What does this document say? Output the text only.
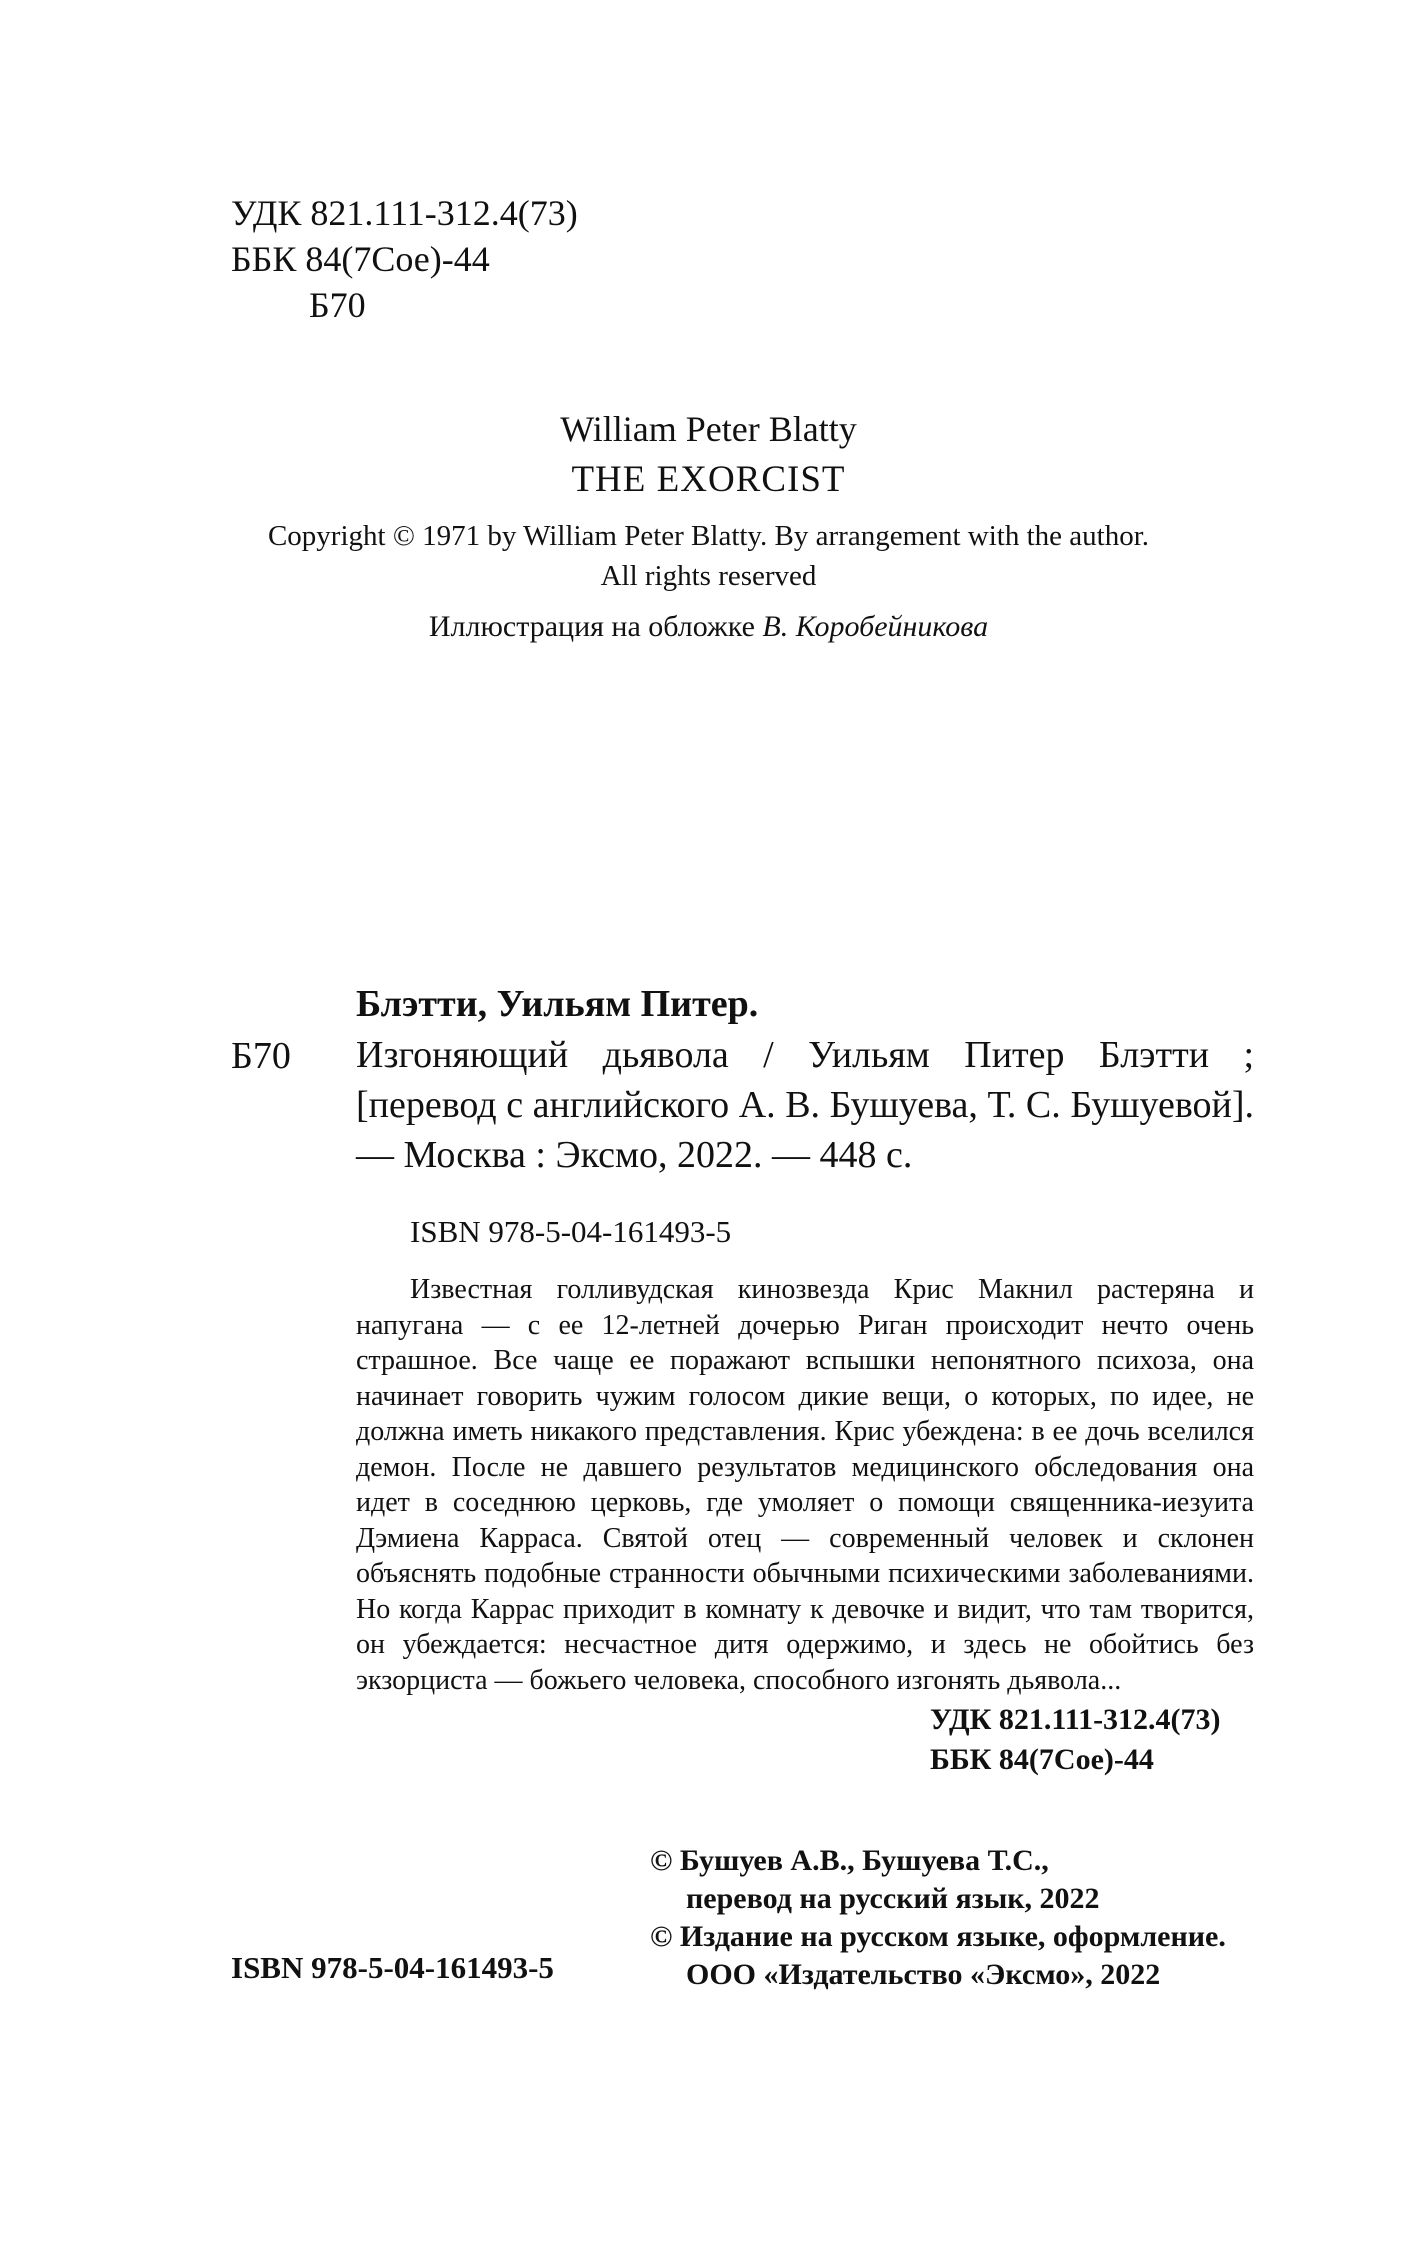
УДК 821.111-312.4(73)
ББК 84(7Сое)-44
Б70
William Peter Blatty
THE EXORCIST
Copyright © 1971 by William Peter Blatty. By arrangement with the author.
All rights reserved
Иллюстрация на обложке В. Коробейникова
Блэтти, Уильям Питер.
Б70 Изгоняющий дьявола / Уильям Питер Блэтти ; [перевод с английского А. В. Бушуева, Т. С. Бушуевой]. — Москва : Эксмо, 2022. — 448 с.
ISBN 978-5-04-161493-5
Известная голливудская кинозвезда Крис Макнил растеряна и напугана — с ее 12-летней дочерью Риган происходит нечто очень страшное. Все чаще ее поражают вспышки непонятного психоза, она начинает говорить чужим голосом дикие вещи, о которых, по идее, не должна иметь никакого представления. Крис убеждена: в ее дочь вселился демон. После не давшего результатов медицинского обследования она идет в соседнюю церковь, где умоляет о помощи священника-иезуита Дэмиена Карраса. Святой отец — современный человек и склонен объяснять подобные странности обычными психическими заболеваниями. Но когда Каррас приходит в комнату к девочке и видит, что там творится, он убеждается: несчастное дитя одержимо, и здесь не обойтись без экзорциста — божьего человека, способного изгонять дьявола...
УДК 821.111-312.4(73)
ББК 84(7Сое)-44
ISBN 978-5-04-161493-5
© Бушуев А.В., Бушуева Т.С.,
перевод на русский язык, 2022
© Издание на русском языке, оформление.
ООО «Издательство «Эксмо», 2022
